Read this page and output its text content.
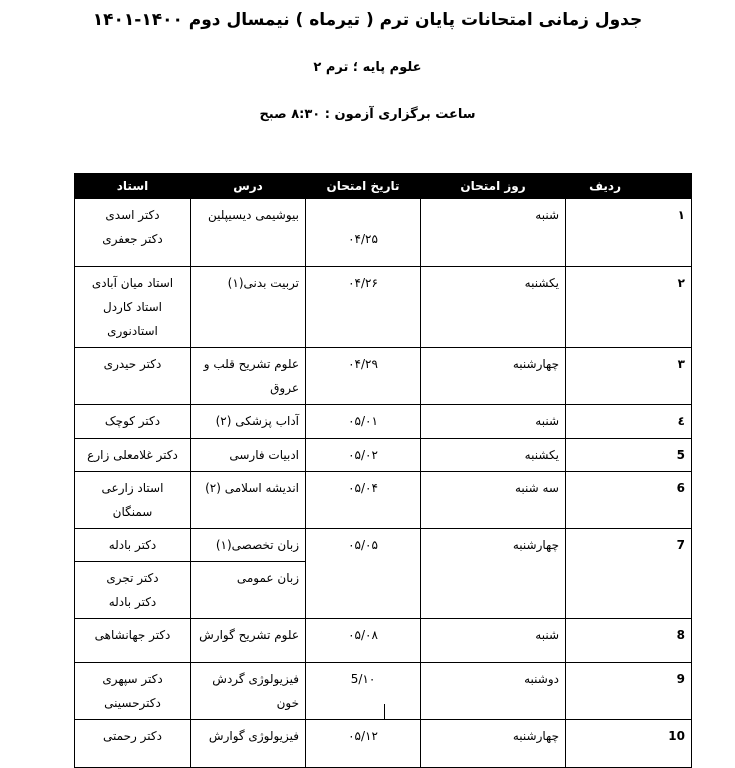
جدول زمانی امتحانات پایان ترم ( تیرماه ) نیمسال دوم ۱۴۰۰-۱۴۰۱
علوم پایه ؛ ترم ۲
ساعت برگزاری آزمون : ۸:۳۰ صبح
ردیف	روز امتحان	تاریخ امتحان	درس	استاد
۱	شنبه	۰۴/۲۵	بیوشیمی دیسیپلین	دکتر اسدی
دکتر جعفری

۲	یکشنبه	۰۴/۲۶	تربیت بدنی(۱)	استاد میان آبادی
استاد کاردل
استادنوری

۳	چهارشنبه	۰۴/۲۹	علوم تشریح قلب و
عروق	دکتر حیدری

٤	شنبه	۰۵/۰۱	آداب پزشکی (۲)	دکتر کوچک

5	یکشنبه	۰۵/۰۲	ادبیات فارسی	دکتر غلامعلی زارع

6	سه شنبه	۰۵/۰۴	اندیشه اسلامی (۲)	استاد زارعی سمنگان

7	چهارشنبه	۰۵/۰۵	زبان تخصصی(۱)	دکتر بادله

			زبان عمومی	دکتر تجری
دکتر بادله

8	شنبه	۰۵/۰۸	علوم تشریح گوارش	دکتر جهانشاهی

9	دوشنبه	5/۱۰	فیزیولوژی گردش
خون	دکتر سپهری
دکترحسینی

10	چهارشنبه	۰۵/۱۲	فیزیولوژی گوارش	دکتر رحمتی
